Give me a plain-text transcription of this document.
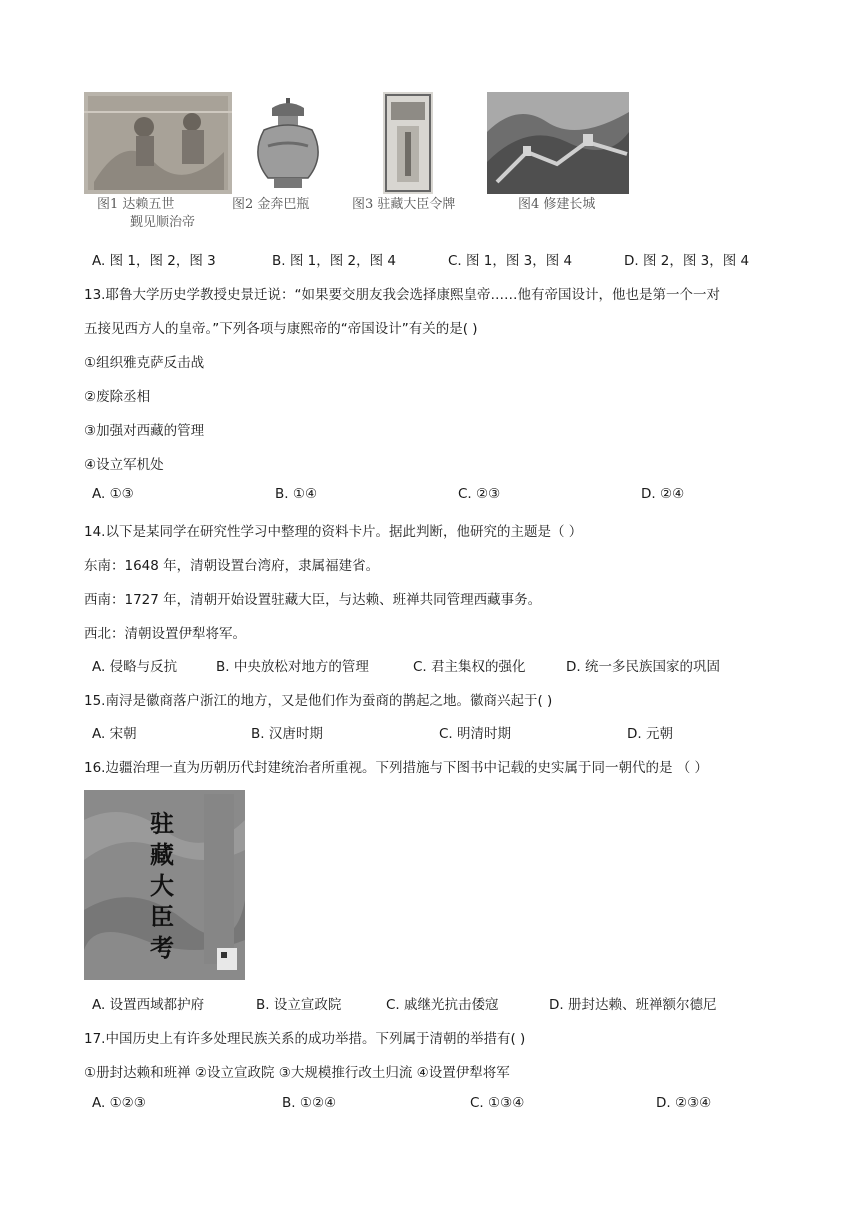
图1 达赖五世
觐见顺治帝
图2 金奔巴瓶	图3 驻藏大臣令牌	图4 修建长城
A. 图 1，图 2，图 3	B. 图 1，图 2，图 4	C. 图 1，图 3，图 4	D. 图 2，图 3，图 4
13.耶鲁大学历史学教授史景迁说：“如果要交朋友我会选择康熙皇帝……他有帝国设计，他也是第一个一对
五接见西方人的皇帝。”下列各项与康熙帝的“帝国设计”有关的是( )
①组织雅克萨反击战
②废除丞相
③加强对西藏的管理
④设立军机处
A. ①③	B. ①④	C. ②③	D. ②④
14.以下是某同学在研究性学习中整理的资料卡片。据此判断，他研究的主题是（ ）
东南：1648 年，清朝设置台湾府，隶属福建省。
西南：1727 年，清朝开始设置驻藏大臣，与达赖、班禅共同管理西藏事务。
西北：清朝设置伊犁将军。
A. 侵略与反抗	B. 中央放松对地方的管理	C. 君主集权的强化	D. 统一多民族国家的巩固
15.南浔是徽商落户浙江的地方，又是他们作为蚕商的鹊起之地。徽商兴起于( )
A. 宋朝	B. 汉唐时期	C. 明清时期	D. 元朝
16.边疆治理一直为历朝历代封建统治者所重视。下列措施与下图书中记载的史实属于同一朝代的是 （ ）
驻
藏
大
臣
考
A. 设置西域都护府	B. 设立宣政院	C. 戚继光抗击倭寇	D. 册封达赖、班禅额尔德尼
17.中国历史上有许多处理民族关系的成功举措。下列属于清朝的举措有( )
①册封达赖和班禅 ②设立宣政院 ③大规模推行改土归流 ④设置伊犁将军
A. ①②③	B. ①②④	C. ①③④	D. ②③④
